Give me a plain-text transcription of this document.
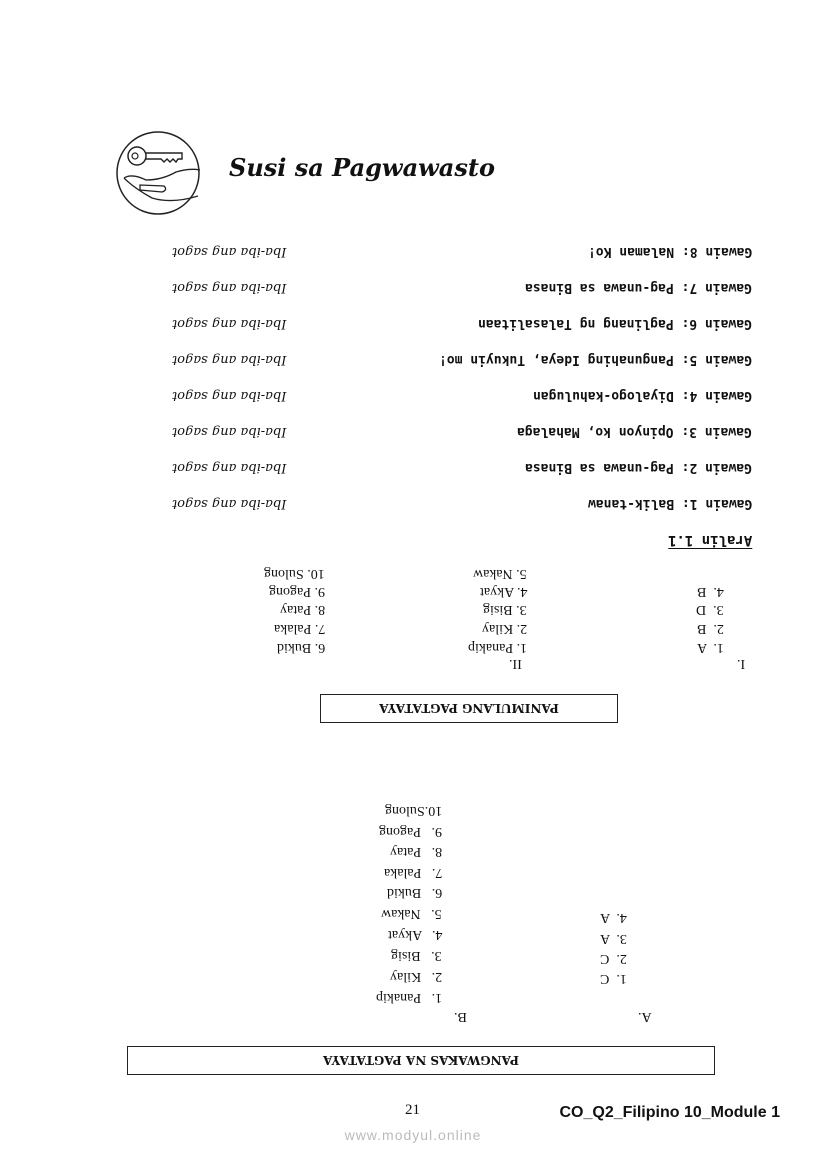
Susi sa Pagwawasto
Gawain 8: Nalaman Ko!
Iba-iba ang sagot
Gawain 7: Pag-unawa sa Binasa
Iba-iba ang sagot
Gawain 6: Paglinang ng Talasalitaan
Iba-iba ang sagot
Gawain 5: Pangunahing Ideya, Tukuyin mo!
Iba-iba ang sagot
Gawain 4: Diyalogo-kahulugan
Iba-iba ang sagot
Gawain 3: Opinyon ko, Mahalaga
Iba-iba ang sagot
Gawain 2: Pag-unawa sa Binasa
Iba-iba ang sagot
Gawain 1: Balik-tanaw
Iba-iba ang sagot
Aralin 1.1
I.
II.
1.  A
2.  B
3.  D
4.  B
1. Panakip
6. Bukid
2. Kilay
7. Palaka
3. Bisig
8. Patay
4. Akyat
9. Pagong
5. Nakaw
10. Sulong
PANIMULANG PAGTATAYA
A.
B.
1.  C
2.  C
3.  A
4.  A
1.   Panakip
2.   Kilay
3.   Bisig
4.   Akyat
5.   Nakaw
6.   Bukid
7.   Palaka
8.   Patay
9.   Pagong
10.Sulong
PANGWAKAS NA PAGTATAYA
21	CO_Q2_Filipino 10_Module 1
www.modyul.online
